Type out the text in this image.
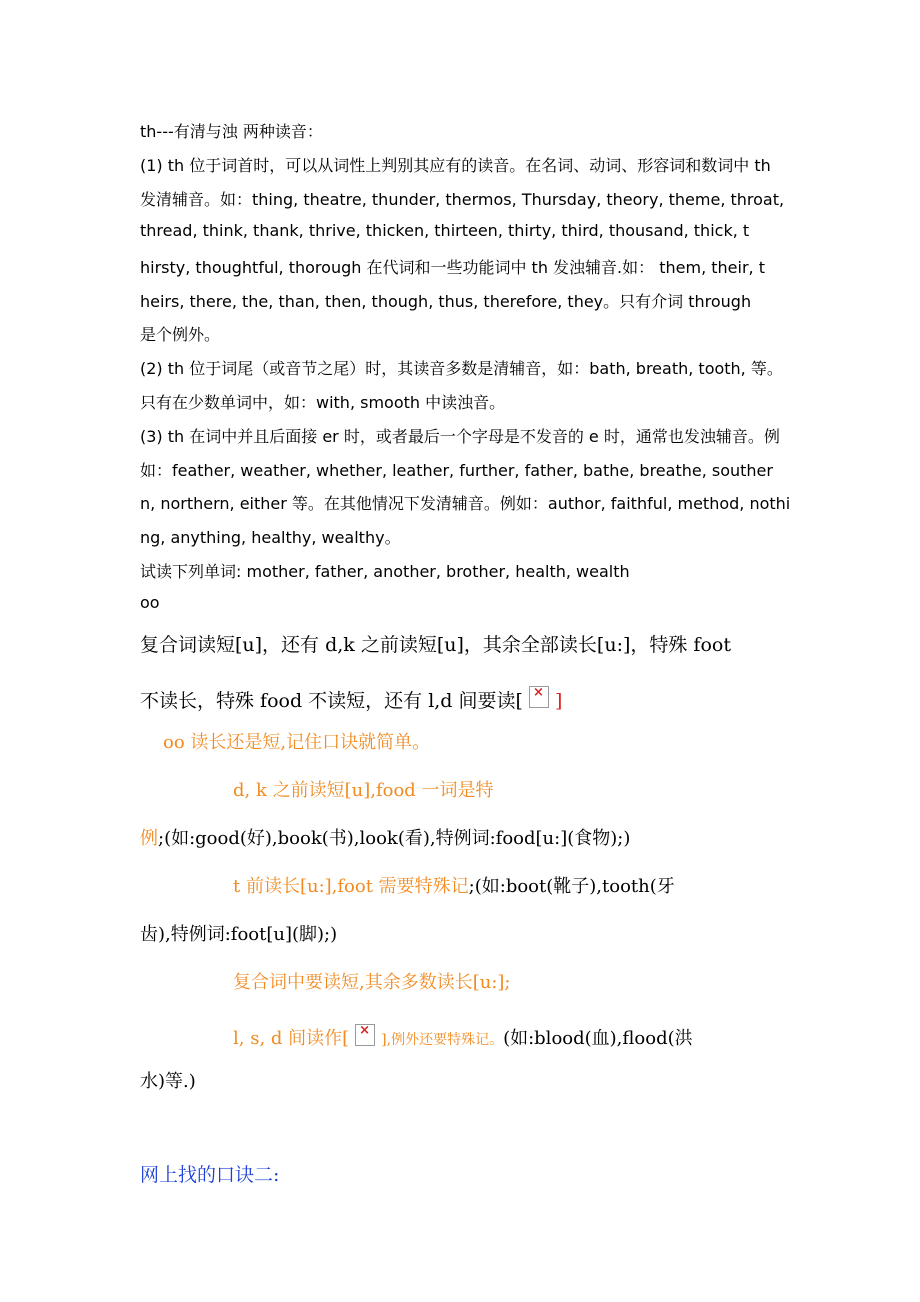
th---有清与浊 两种读音：
(1) th 位于词首时，可以从词性上判别其应有的读音。在名词、动词、形容词和数词中 th
发清辅音。如：thing, theatre, thunder, thermos, Thursday, theory, theme, throat,
thread, think, thank, thrive, thicken, thirteen, thirty, third, thousand, thick, t
hirsty, thoughtful, thorough 在代词和一些功能词中 th 发浊辅音.如： them, their, t
heirs, there, the, than, then, though, thus, therefore, they。只有介词 through
是个例外。
(2) th 位于词尾（或音节之尾）时，其读音多数是清辅音，如：bath, breath, tooth, 等。
只有在少数单词中，如：with, smooth 中读浊音。
(3) th 在词中并且后面接 er 时，或者最后一个字母是不发音的 e 时，通常也发浊辅音。例
如：feather, weather, whether, leather, further, father, bathe, breathe, souther
n, northern, either 等。在其他情况下发清辅音。例如：author, faithful, method, nothi
ng, anything, healthy, wealthy。
试读下列单词: mother, father, another, brother, health, wealth
oo
复合词读短[u]，还有 d,k 之前读短[u]，其余全部读长[u:]，特殊 foot
不读长，特殊 food 不读短，还有 l,d 间要读[ × ]
oo 读长还是短,记住口诀就简单。
d, k 之前读短[u],food 一词是特
例;(如:good(好),book(书),look(看),特例词:food[u:](食物);)
t 前读长[u:],foot 需要特殊记;(如:boot(靴子),tooth(牙
齿),特例词:foot[u](脚);)
复合词中要读短,其余多数读长[u:];
l, s, d 间读作[ × ],例外还要特殊记。(如:blood(血),flood(洪
水)等.)
网上找的口诀二:
